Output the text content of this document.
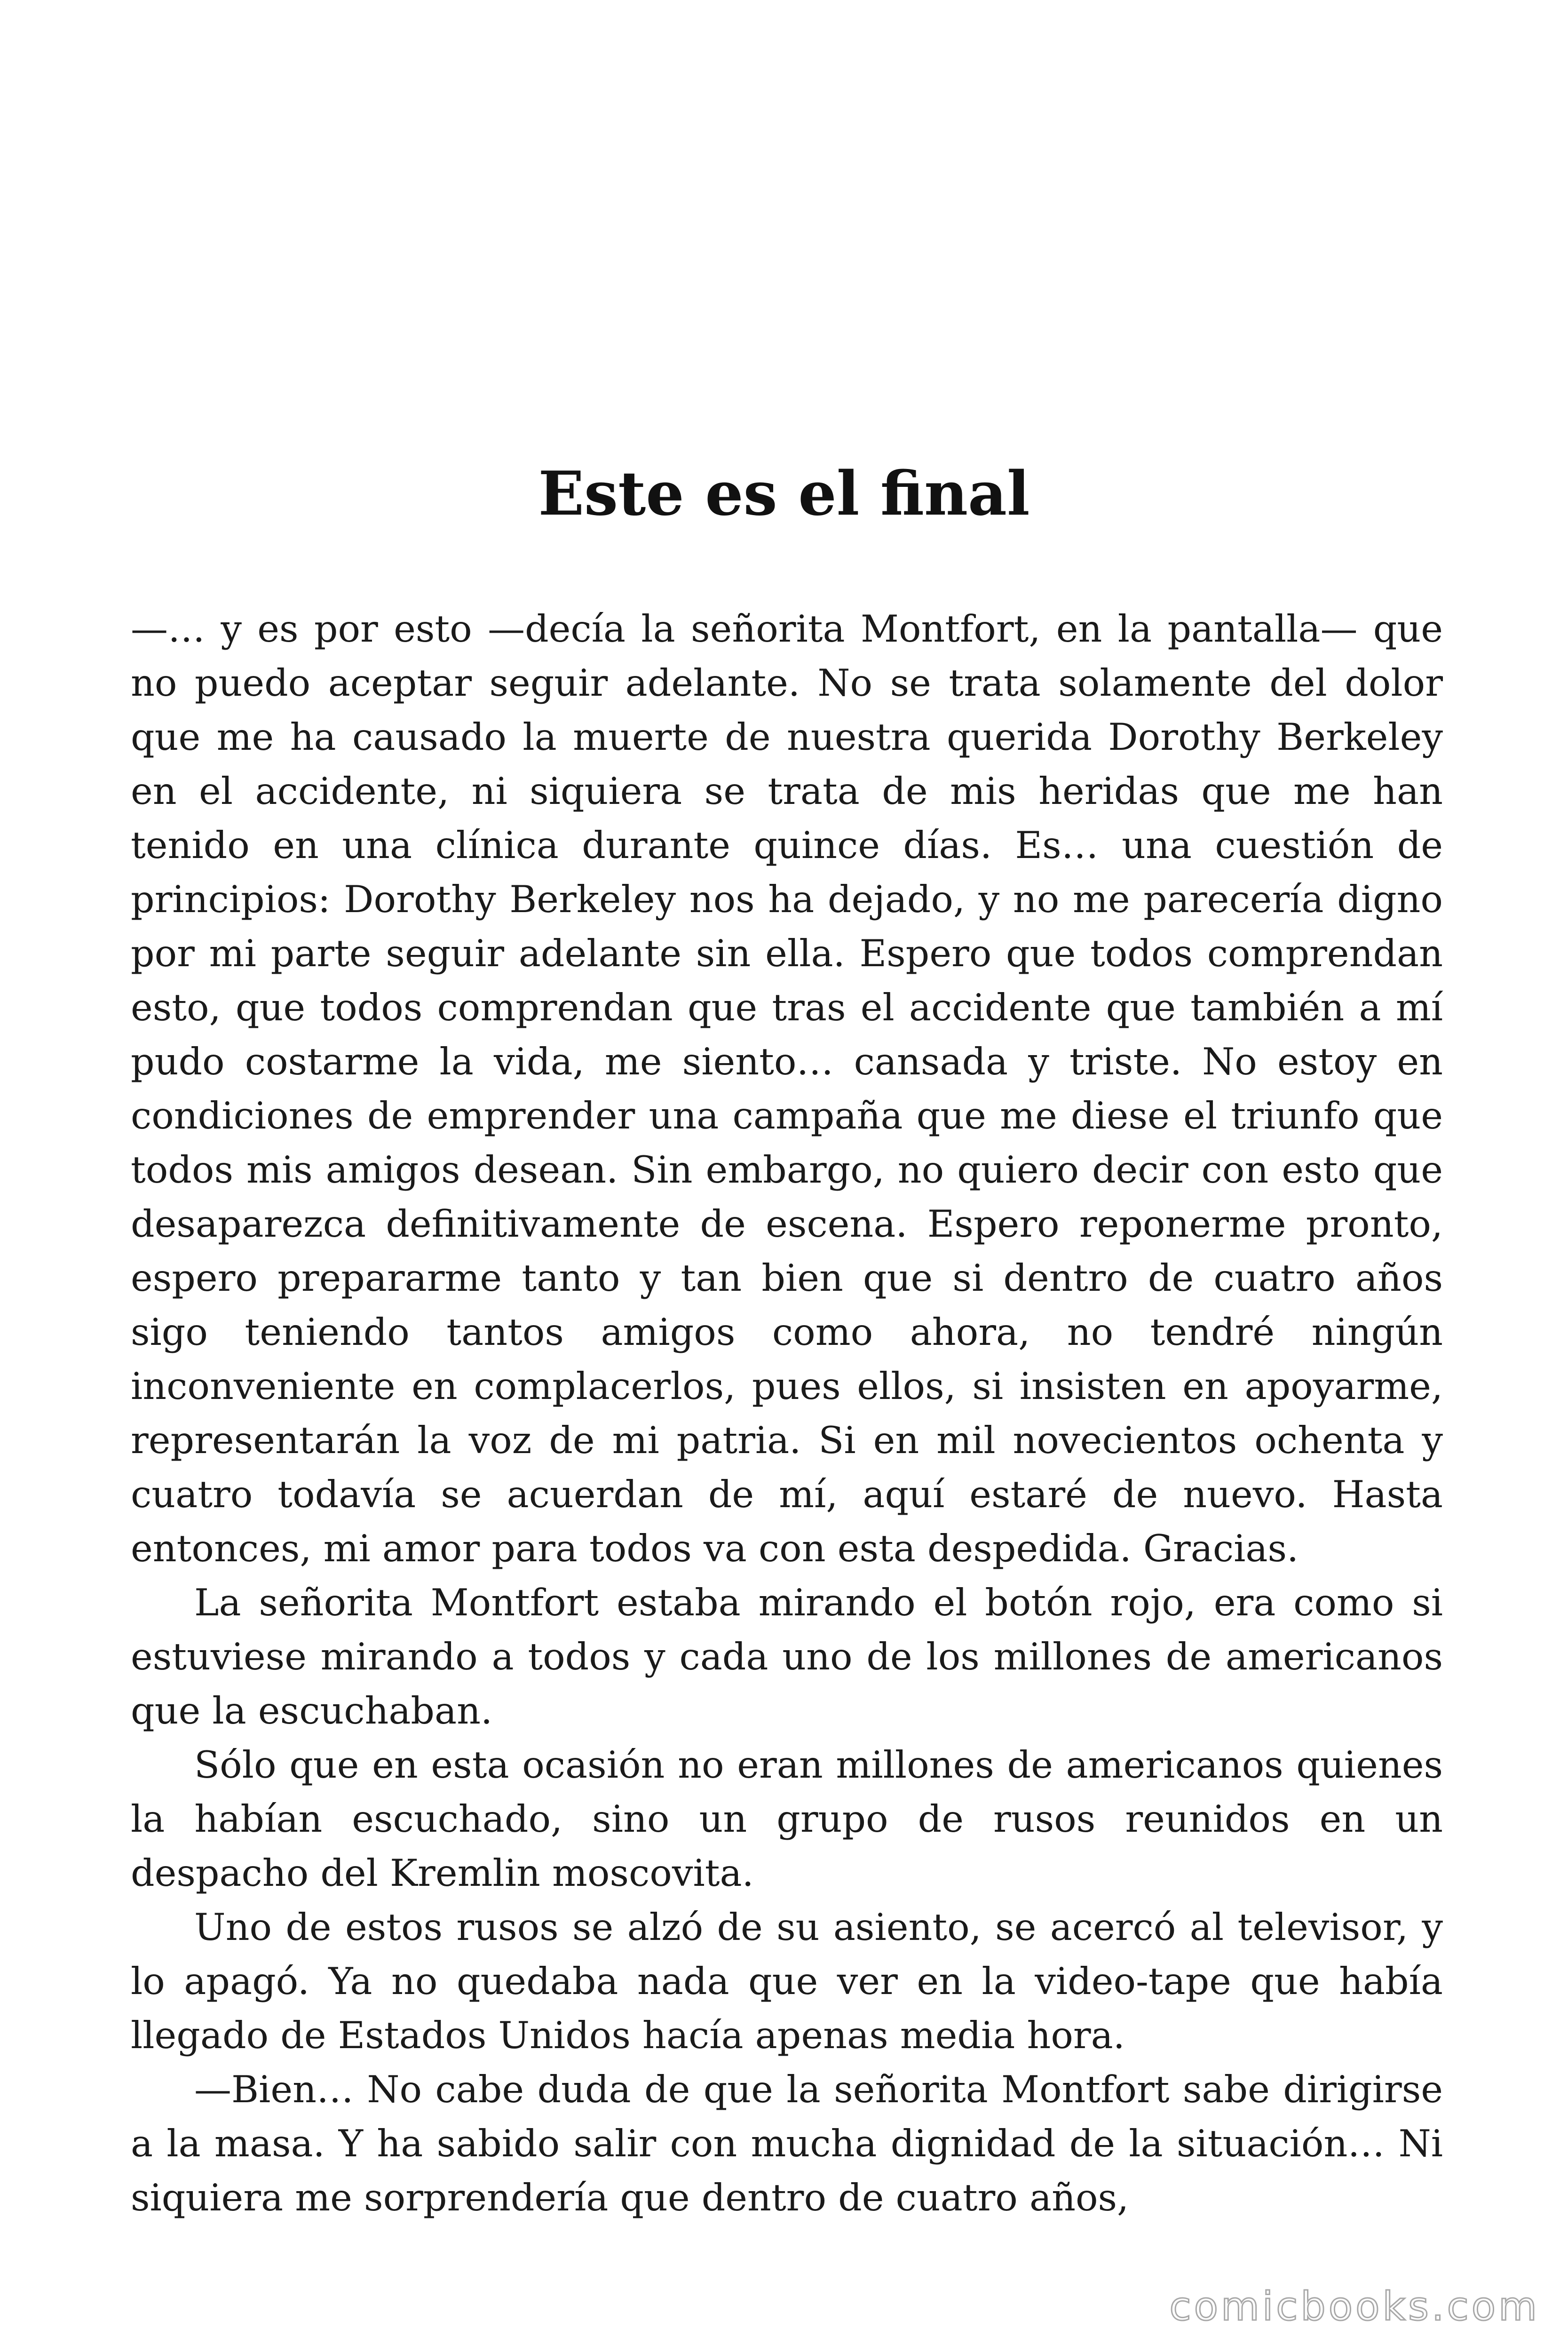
Este es el final

—… y es por esto —decía la señorita Montfort, en la pantalla— que no puedo aceptar seguir adelante. No se trata solamente del dolor que me ha causado la muerte de nuestra querida Dorothy Berkeley en el accidente, ni siquiera se trata de mis heridas que me han tenido en una clínica durante quince días. Es… una cuestión de principios: Dorothy Berkeley nos ha dejado, y no me parecería digno por mi parte seguir adelante sin ella. Espero que todos comprendan esto, que todos comprendan que tras el accidente que también a mí pudo costarme la vida, me siento… cansada y triste. No estoy en condiciones de emprender una campaña que me diese el triunfo que todos mis amigos desean. Sin embargo, no quiero decir con esto que desaparezca definitivamente de escena. Espero reponerme pronto, espero prepararme tanto y tan bien que si dentro de cuatro años sigo teniendo tantos amigos como ahora, no tendré ningún inconveniente en complacerlos, pues ellos, si insisten en apoyarme, representarán la voz de mi patria. Si en mil novecientos ochenta y cuatro todavía se acuerdan de mí, aquí estaré de nuevo. Hasta entonces, mi amor para todos va con esta despedida. Gracias.

La señorita Montfort estaba mirando el botón rojo, era como si estuviese mirando a todos y cada uno de los millones de americanos que la escuchaban.

Sólo que en esta ocasión no eran millones de americanos quienes la habían escuchado, sino un grupo de rusos reunidos en un despacho del Kremlin moscovita.

Uno de estos rusos se alzó de su asiento, se acercó al televisor, y lo apagó. Ya no quedaba nada que ver en la video-tape que había llegado de Estados Unidos hacía apenas media hora.

—Bien… No cabe duda de que la señorita Montfort sabe dirigirse a la masa. Y ha sabido salir con mucha dignidad de la situación… Ni siquiera me sorprendería que dentro de cuatro años,

comicbooks.com
